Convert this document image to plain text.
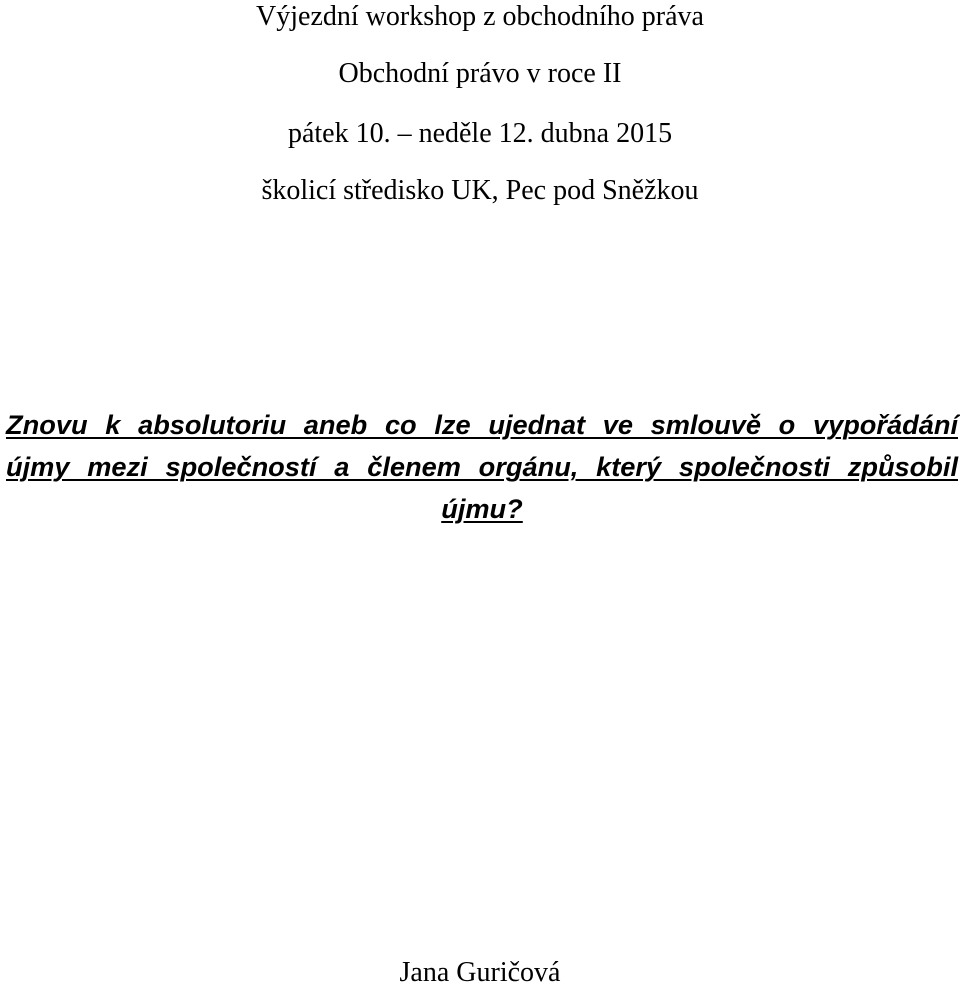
Výjezdní workshop z obchodního práva
Obchodní právo v roce II
pátek 10. – neděle 12. dubna 2015
školicí středisko UK, Pec pod Sněžkou
Znovu k absolutoriu aneb co lze ujednat ve smlouvě o vypořádání
újmy mezi společností a členem orgánu, který společnosti způsobil
újmu?
Jana Guričová
